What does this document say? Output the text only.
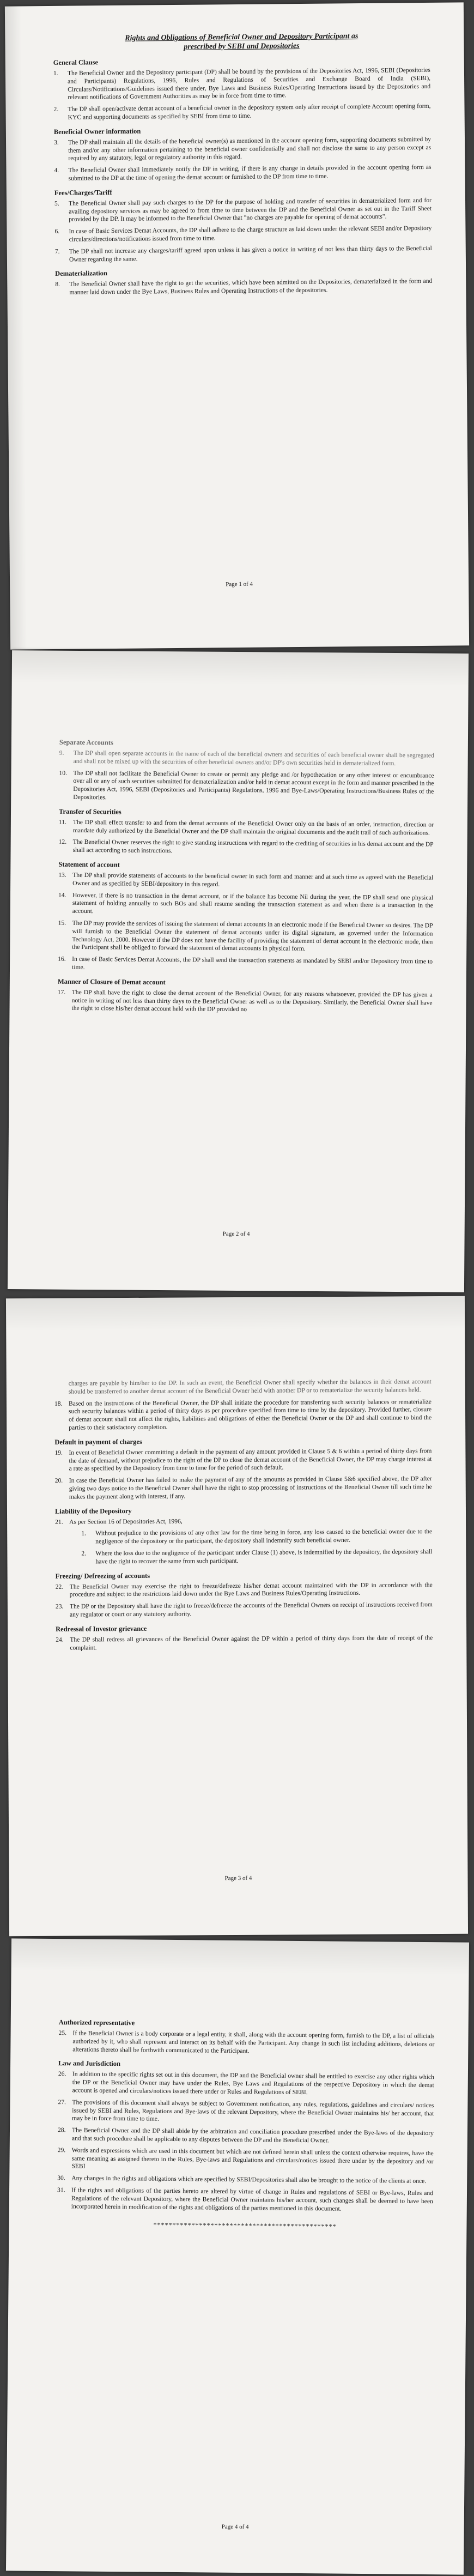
Rights and Obligations of Beneficial Owner and Depository Participant as
prescribed by SEBI and Depositories
General Clause
1.	The Beneficial Owner and the Depository participant (DP) shall be bound by the provisions of the Depositories Act, 1996, SEBI (Depositories and Participants) Regulations, 1996, Rules and Regulations of Securities and Exchange Board of India (SEBI), Circulars/Notifications/Guidelines issued there under, Bye Laws and Business Rules/Operating Instructions issued by the Depositories and relevant notifications of Government Authorities as may be in force from time to time.
2.	The DP shall open/activate demat account of a beneficial owner in the depository system only after receipt of complete Account opening form, KYC and supporting documents as specified by SEBI from time to time.
Beneficial Owner information
3.	The DP shall maintain all the details of the beneficial owner(s) as mentioned in the account opening form, supporting documents submitted by them and/or any other information pertaining to the beneficial owner confidentially and shall not disclose the same to any person except as required by any statutory, legal or regulatory authority in this regard.
4.	The Beneficial Owner shall immediately notify the DP in writing, if there is any change in details provided in the account opening form as submitted to the DP at the time of opening the demat account or furnished to the DP from time to time.
Fees/Charges/Tariff
5.	The Beneficial Owner shall pay such charges to the DP for the purpose of holding and transfer of securities in dematerialized form and for availing depository services as may be agreed to from time to time between the DP and the Beneficial Owner as set out in the Tariff Sheet provided by the DP. It may be informed to the Beneficial Owner that "no charges are payable for opening of demat accounts".
6.	In case of Basic Services Demat Accounts, the DP shall adhere to the charge structure as laid down under the relevant SEBI and/or Depository circulars/directions/notifications issued from time to time.
7.	The DP shall not increase any charges/tariff agreed upon unless it has given a notice in writing of not less than thirty days to the Beneficial Owner regarding the same.
Dematerialization
8.	The Beneficial Owner shall have the right to get the securities, which have been admitted on the Depositories, dematerialized in the form and manner laid down under the Bye Laws, Business Rules and Operating Instructions of the depositories.
Page 1 of 4
Separate Accounts
9.	The DP shall open separate accounts in the name of each of the beneficial owners and securities of each beneficial owner shall be segregated and shall not be mixed up with the securities of other beneficial owners and/or DP's own securities held in dematerialized form.
10. The DP shall not facilitate the Beneficial Owner to create or permit any pledge and /or hypothecation or any other interest or encumbrance over all or any of such securities submitted for dematerialization and/or held in demat account except in the form and manner prescribed in the Depositories Act, 1996, SEBI (Depositories and Participants) Regulations, 1996 and Bye-Laws/Operating Instructions/Business Rules of the Depositories.
Transfer of Securities
11.	The DP shall effect transfer to and from the demat accounts of the Beneficial Owner only on the basis of an order, instruction, direction or mandate duly authorized by the Beneficial Owner and the DP shall maintain the original documents and the audit trail of such authorizations.
12. The Beneficial Owner reserves the right to give standing instructions with regard to the crediting of securities in his demat account and the DP shall act according to such instructions.
Statement of account
13. The DP shall provide statements of accounts to the beneficial owner in such form and manner and at such time as agreed with the Beneficial Owner and as specified by SEBI/depository in this regard.
14. However, if there is no transaction in the demat account, or if the balance has become Nil during the year, the DP shall send one physical statement of holding annually to such BOs and shall resume sending the transaction statement as and when there is a transaction in the account.
15. The DP may provide the services of issuing the statement of demat accounts in an electronic mode if the Beneficial Owner so desires. The DP will furnish to the Beneficial Owner the statement of demat accounts under its digital signature, as governed under the Information Technology Act, 2000. However if the DP does not have the facility of providing the statement of demat account in the electronic mode, then the Participant shall be obliged to forward the statement of demat accounts in physical form.
16. In case of Basic Services Demat Accounts, the DP shall send the transaction statements as mandated by SEBI and/or Depository from time to time.
Manner of Closure of Demat account
17. The DP shall have the right to close the demat account of the Beneficial Owner, for any reasons whatsoever, provided the DP has given a notice in writing of not less than thirty days to the Beneficial Owner as well as to the Depository. Similarly, the Beneficial Owner shall have the right to close his/her demat account held with the DP provided no
Page 2 of 4
charges are payable by him/her to the DP. In such an event, the Beneficial Owner shall specify whether the balances in their demat account should be transferred to another demat account of the Beneficial Owner held with another DP or to rematerialize the security balances held.
18. Based on the instructions of the Beneficial Owner, the DP shall initiate the procedure for transferring such security balances or rematerialize such security balances within a period of thirty days as per procedure specified from time to time by the depository. Provided further, closure of demat account shall not affect the rights, liabilities and obligations of either the Beneficial Owner or the DP and shall continue to bind the parties to their satisfactory completion.
Default in payment of charges
19. In event of Beneficial Owner committing a default in the payment of any amount provided in Clause 5 & 6 within a period of thirty days from the date of demand, without prejudice to the right of the DP to close the demat account of the Beneficial Owner, the DP may charge interest at a rate as specified by the Depository from time to time for the period of such default.
20. In case the Beneficial Owner has failed to make the payment of any of the amounts as provided in Clause 5&6 specified above, the DP after giving two days notice to the Beneficial Owner shall have the right to stop processing of instructions of the Beneficial Owner till such time he makes the payment along with interest, if any.
Liability of the Depository
21. As per Section 16 of Depositories Act, 1996,
1.	Without prejudice to the provisions of any other law for the time being in force, any loss caused to the beneficial owner due to the negligence of the depository or the participant, the depository shall indemnify such beneficial owner.
2.	Where the loss due to the negligence of the participant under Clause (1) above, is indemnified by the depository, the depository shall have the right to recover the same from such participant.
Freezing/ Defreezing of accounts
22. The Beneficial Owner may exercise the right to freeze/defreeze his/her demat account maintained with the DP in accordance with the procedure and subject to the restrictions laid down under the Bye Laws and Business Rules/Operating Instructions.
23. The DP or the Depository shall have the right to freeze/defreeze the accounts of the Beneficial Owners on receipt of instructions received from any regulator or court or any statutory authority.
Redressal of Investor grievance
24. The DP shall redress all grievances of the Beneficial Owner against the DP within a period of thirty days from the date of receipt of the complaint.
Page 3 of 4
Authorized representative
25. If the Beneficial Owner is a body corporate or a legal entity, it shall, along with the account opening form, furnish to the DP, a list of officials authorized by it, who shall represent and interact on its behalf with the Participant. Any change in such list including additions, deletions or alterations thereto shall be forthwith communicated to the Participant.
Law and Jurisdiction
26. In addition to the specific rights set out in this document, the DP and the Beneficial owner shall be entitled to exercise any other rights which the DP or the Beneficial Owner may have under the Rules, Bye Laws and Regulations of the respective Depository in which the demat account is opened and circulars/notices issued there under or Rules and Regulations of SEBI.
27. The provisions of this document shall always be subject to Government notification, any rules, regulations, guidelines and circulars/ notices issued by SEBI and Rules, Regulations and Bye-laws of the relevant Depository, where the Beneficial Owner maintains his/ her account, that may be in force from time to time.
28. The Beneficial Owner and the DP shall abide by the arbitration and conciliation procedure prescribed under the Bye-laws of the depository and that such procedure shall be applicable to any disputes between the DP and the Beneficial Owner.
29. Words and expressions which are used in this document but which are not defined herein shall unless the context otherwise requires, have the same meaning as assigned thereto in the Rules, Bye-laws and Regulations and circulars/notices issued there under by the depository and /or SEBI
30. Any changes in the rights and obligations which are specified by SEBI/Depositories shall also be brought to the notice of the clients at once.
31. If the rights and obligations of the parties hereto are altered by virtue of change in Rules and regulations of SEBI or Bye-laws, Rules and Regulations of the relevant Depository, where the Beneficial Owner maintains his/her account, such changes shall be deemed to have been incorporated herein in modification of the rights and obligations of the parties mentioned in this document.
************************************************
Page 4 of 4
